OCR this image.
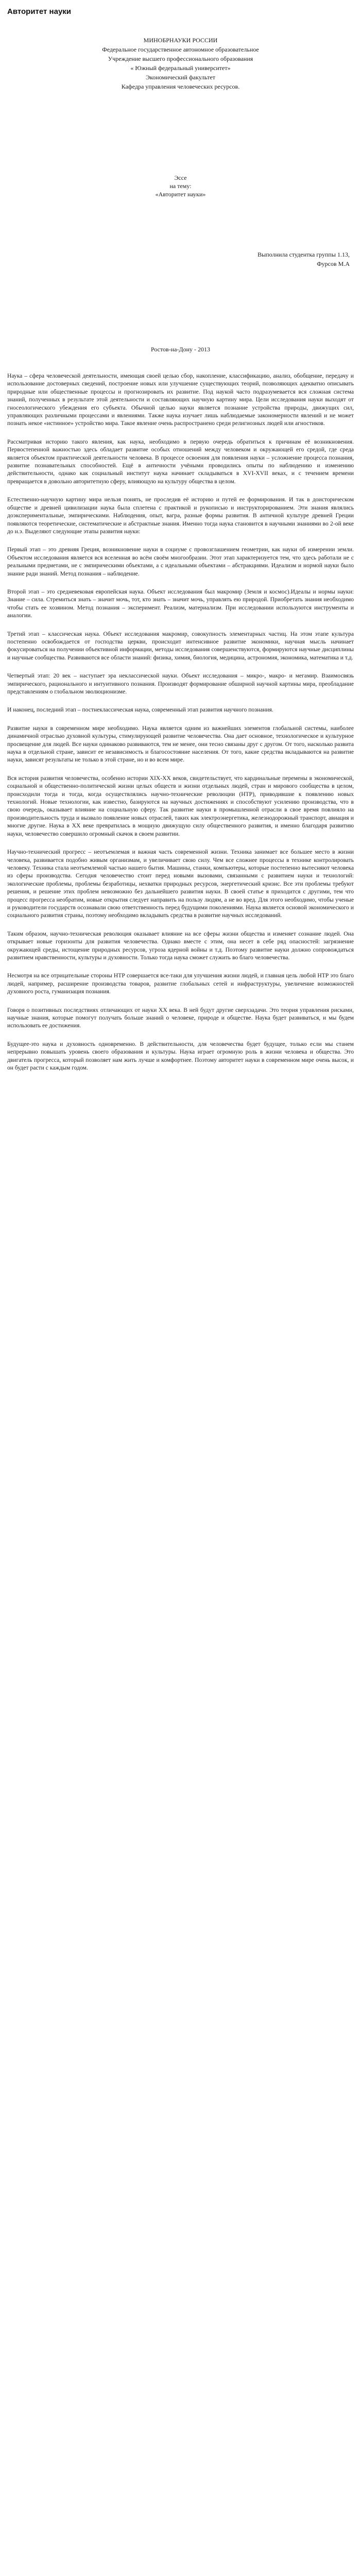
Авторитет науки
МИНОБРНАУКИ РОССИИ
Федеральное государственное автономное образовательное
Учреждение высшего профессионального образования
« Южный федеральный университет»
Экономический факультет
Кафедра управления человеческих ресурсов.
Эссе
на тему:
«Авторитет науки»
Выполнила студентка группы 1.13,
Фурсов М.А
Ростов-на-Дону - 2013

Наука – сфера человеческой деятельности, имеющая своей целью сбор, накопление, классификацию, анализ, обобщение, передачу и использование достоверных сведений, построение новых или улучшение существующих теорий, позволяющих адекватно описывать природные или общественные процессы и прогнозировать их развитие. Под наукой часто подразумевается вся сложная система знаний, полученных в результате этой деятельности и составляющих научную картину мира. Цели исследования науки выходят от гносеологического убеждения его субъекта. Обычной целью науки является познание устройства природы, движущих сил, управляющих различными процессами и явлениями. Также наука изучает лишь наблюдаемые закономерности явлений и не может познать некое «истинное» устройство мира. Такое явление очень распространено среди религиозных людей или агностиков.

Рассматривая историю такого явления, как наука, необходимо в первую очередь обратиться к причинам её возникновения. Первостепенной важностью здесь обладает развитие особых отношений между человеком и окружающей его средой, где среда является объектом практической деятельности человека. В процессе освоения для появления науки – усложнение процесса познания, развитие познавательных способностей. Ещё в античности учёными проводились опыты по наблюдению и изменению действительности, однако как социальный институт наука начинает складываться в XVI-XVII веках, и с течением времени превращается в довольно авторитетную сферу, влияющую на культуру общества в целом.

Естественно-научную картину мира нельзя понять, не проследив её историю и путей ее формирования. И так в доисторическом обществе и древней цивилизации наука была сплетена с практикой и рукописью и инструкторированием. Эти знания являлись доэкспериментальные, эмпирическими. Наблюдения, опыт, вагра, разные формы развития. В античной культуре древней Греции появляются теоретические, систематические и абстрактные знания. Именно тогда наука становится в научными знаниями во 2-ой веке до н.э. Выделяют следующие этапы развития науки:

Первый этап – это древняя Греция, возникновение науки в социуме с провозглашением геометрии, как науки об измерении земли. Объектом исследования является вся вселенная во всём своём многообразии. Этот этап характеризуется тем, что здесь работали не с реальными предметами, не с эмпирическими объектами, а с идеальными объектами – абстракциями. Идеализм и нормой науки было знание ради знаний. Метод познания – наблюдение.

Второй этап – это средневековая европейская наука. Объект исследования был макромир (Земля и космос).Идеалы и нормы науки: Знание – сила. Стремиться знать – значит мочь, тот, кто знать – значит мочь, управлять ею природой. Приобретать знания необходимо чтобы стать ее хозяином. Метод познания – эксперимент. Реализм, материализм. При исследовании используются инструменты и аналогии.

Третий этап – классическая наука. Объект исследования макромир, совокупность элементарных частиц. На этом этапе культура постепенно освобождается от господства церкви, происходит интенсивное развитие экономики, научная мысль начинает фокусироваться на получении объективной информации, методы исследования совершенствуются, формируются научные дисциплины и научные сообщества. Развиваются все области знаний: физика, химия, биология, медицина, астрономия, экономика, математика и т.д.

Четвертый этап: 20 век – наступает эра неклассической науки. Объект исследования – микро-, макро- и мегамир. Взаимосвязь эмпирического, рационального и интуитивного познания. Производят формирование обширной научной картины мира, преобладание представлениям о глобальном эволюционизме.

И наконец, последний этап – постнеклассическая наука, современный этап развития научного познания.

Развитие науки в современном мире необходимо. Наука является одним из важнейших элементов глобальной системы, наиболее динамичной отраслью духовной культуры, стимулирующей развитие человечества. Она дает основное, технологическое и культурное просвещение для людей. Все науки одинаково развиваются, тем не менее, они тесно связаны друг с другом. От того, насколько развита наука в отдельной стране, зависит ее независимость и благосостояние населения. От того, какие средства вкладываются на развитие науки, зависят результаты не только в этой стране, но и во всем мире.

Вся история развития человечества, особенно истории XIX-XX веков, свидетельствует, что кардинальные перемены в экономической, социальной и общественно-политической жизни целых обществ и жизни отдельных людей, стран и мирового сообщества в целом, происходили тогда и тогда, когда осуществлялись научно-технические революции (НТР), приводившие к появлению новых технологий. Новые технологии, как известно, базируются на научных достижениях и способствуют усилению производства, что в свою очередь, оказывает влияние на социальную сферу. Так развитие науки в промышленной отрасли в свое время повлияло на производительность труда и вызвало появление новых отраслей, таких как электроэнергетика, железнодорожный транспорт, авиация и многие другие. Наука в XX веке превратилась в мощную движущую силу общественного развития, и именно благодаря развитию науки, человечество совершило огромный скачок в своем развитии.

Научно-технический прогресс – неотъемлемая и важная часть современной жизни. Техника занимает все большее место в жизни человека, развивается подобно живым организмам, и увеличивает свою силу. Чем все сложнее процессы в технике контролировать человеку. Техника стала неотъемлемой частью нашего бытия. Машины, станки, компьютеры, которые постепенно вытесняют человека из сферы производства. Сегодня человечество стоит перед новыми вызовами, связанными с развитием науки и технологий: экологические проблемы, проблемы безработицы, нехватки природных ресурсов, энергетический кризис. Все эти проблемы требуют решения, и решение этих проблем невозможно без дальнейшего развития науки. В своей статье я приходится с другими, тем что процесс прогресса необратим, новые открытия следует направить на пользу людям, а не во вред. Для этого необходимо, чтобы ученые и руководители государств осознавали свою ответственность перед будущими поколениями. Наука является основой экономического и социального развития страны, поэтому необходимо вкладывать средства в развитие научных исследований.

Таким образом, научно-техническая революция оказывает влияние на все сферы жизни общества и изменяет сознание людей. Она открывает новые горизонты для развития человечества. Однако вместе с этим, она несет в себе ряд опасностей: загрязнение окружающей среды, истощение природных ресурсов, угроза ядерной войны и т.д. Поэтому развитие науки должно сопровождаться развитием нравственности, культуры и духовности. Только тогда наука сможет служить во благо человечества.

Несмотря на все отрицательные стороны НТР совершается все-таки для улучшения жизни людей, и главная цель любой НТР это благо людей, например, расширение производства товаров, развитие глобальных сетей и инфраструктуры, увеличение возможностей духовного роста, гуманизация познания.

Говоря о позитивных последствиях отличающих от науки XX века. В ней будут другие сверхзадачи. Это теория управления рисками, научные знания, которые помогут получать больше знаний о человеке, природе и обществе. Наука будет развиваться, и мы будем использовать ее достижения.

Будущее-это наука и духовность одновременно. В действительности, для человечества будет будущее, только если мы станем непрерывно повышать уровень своего образования и культуры. Наука играет огромную роль в жизни человека и общества. Это двигатель прогресса, который позволяет нам жить лучше и комфортнее. Поэтому авторитет науки в современном мире очень высок, и он будет расти с каждым годом.
